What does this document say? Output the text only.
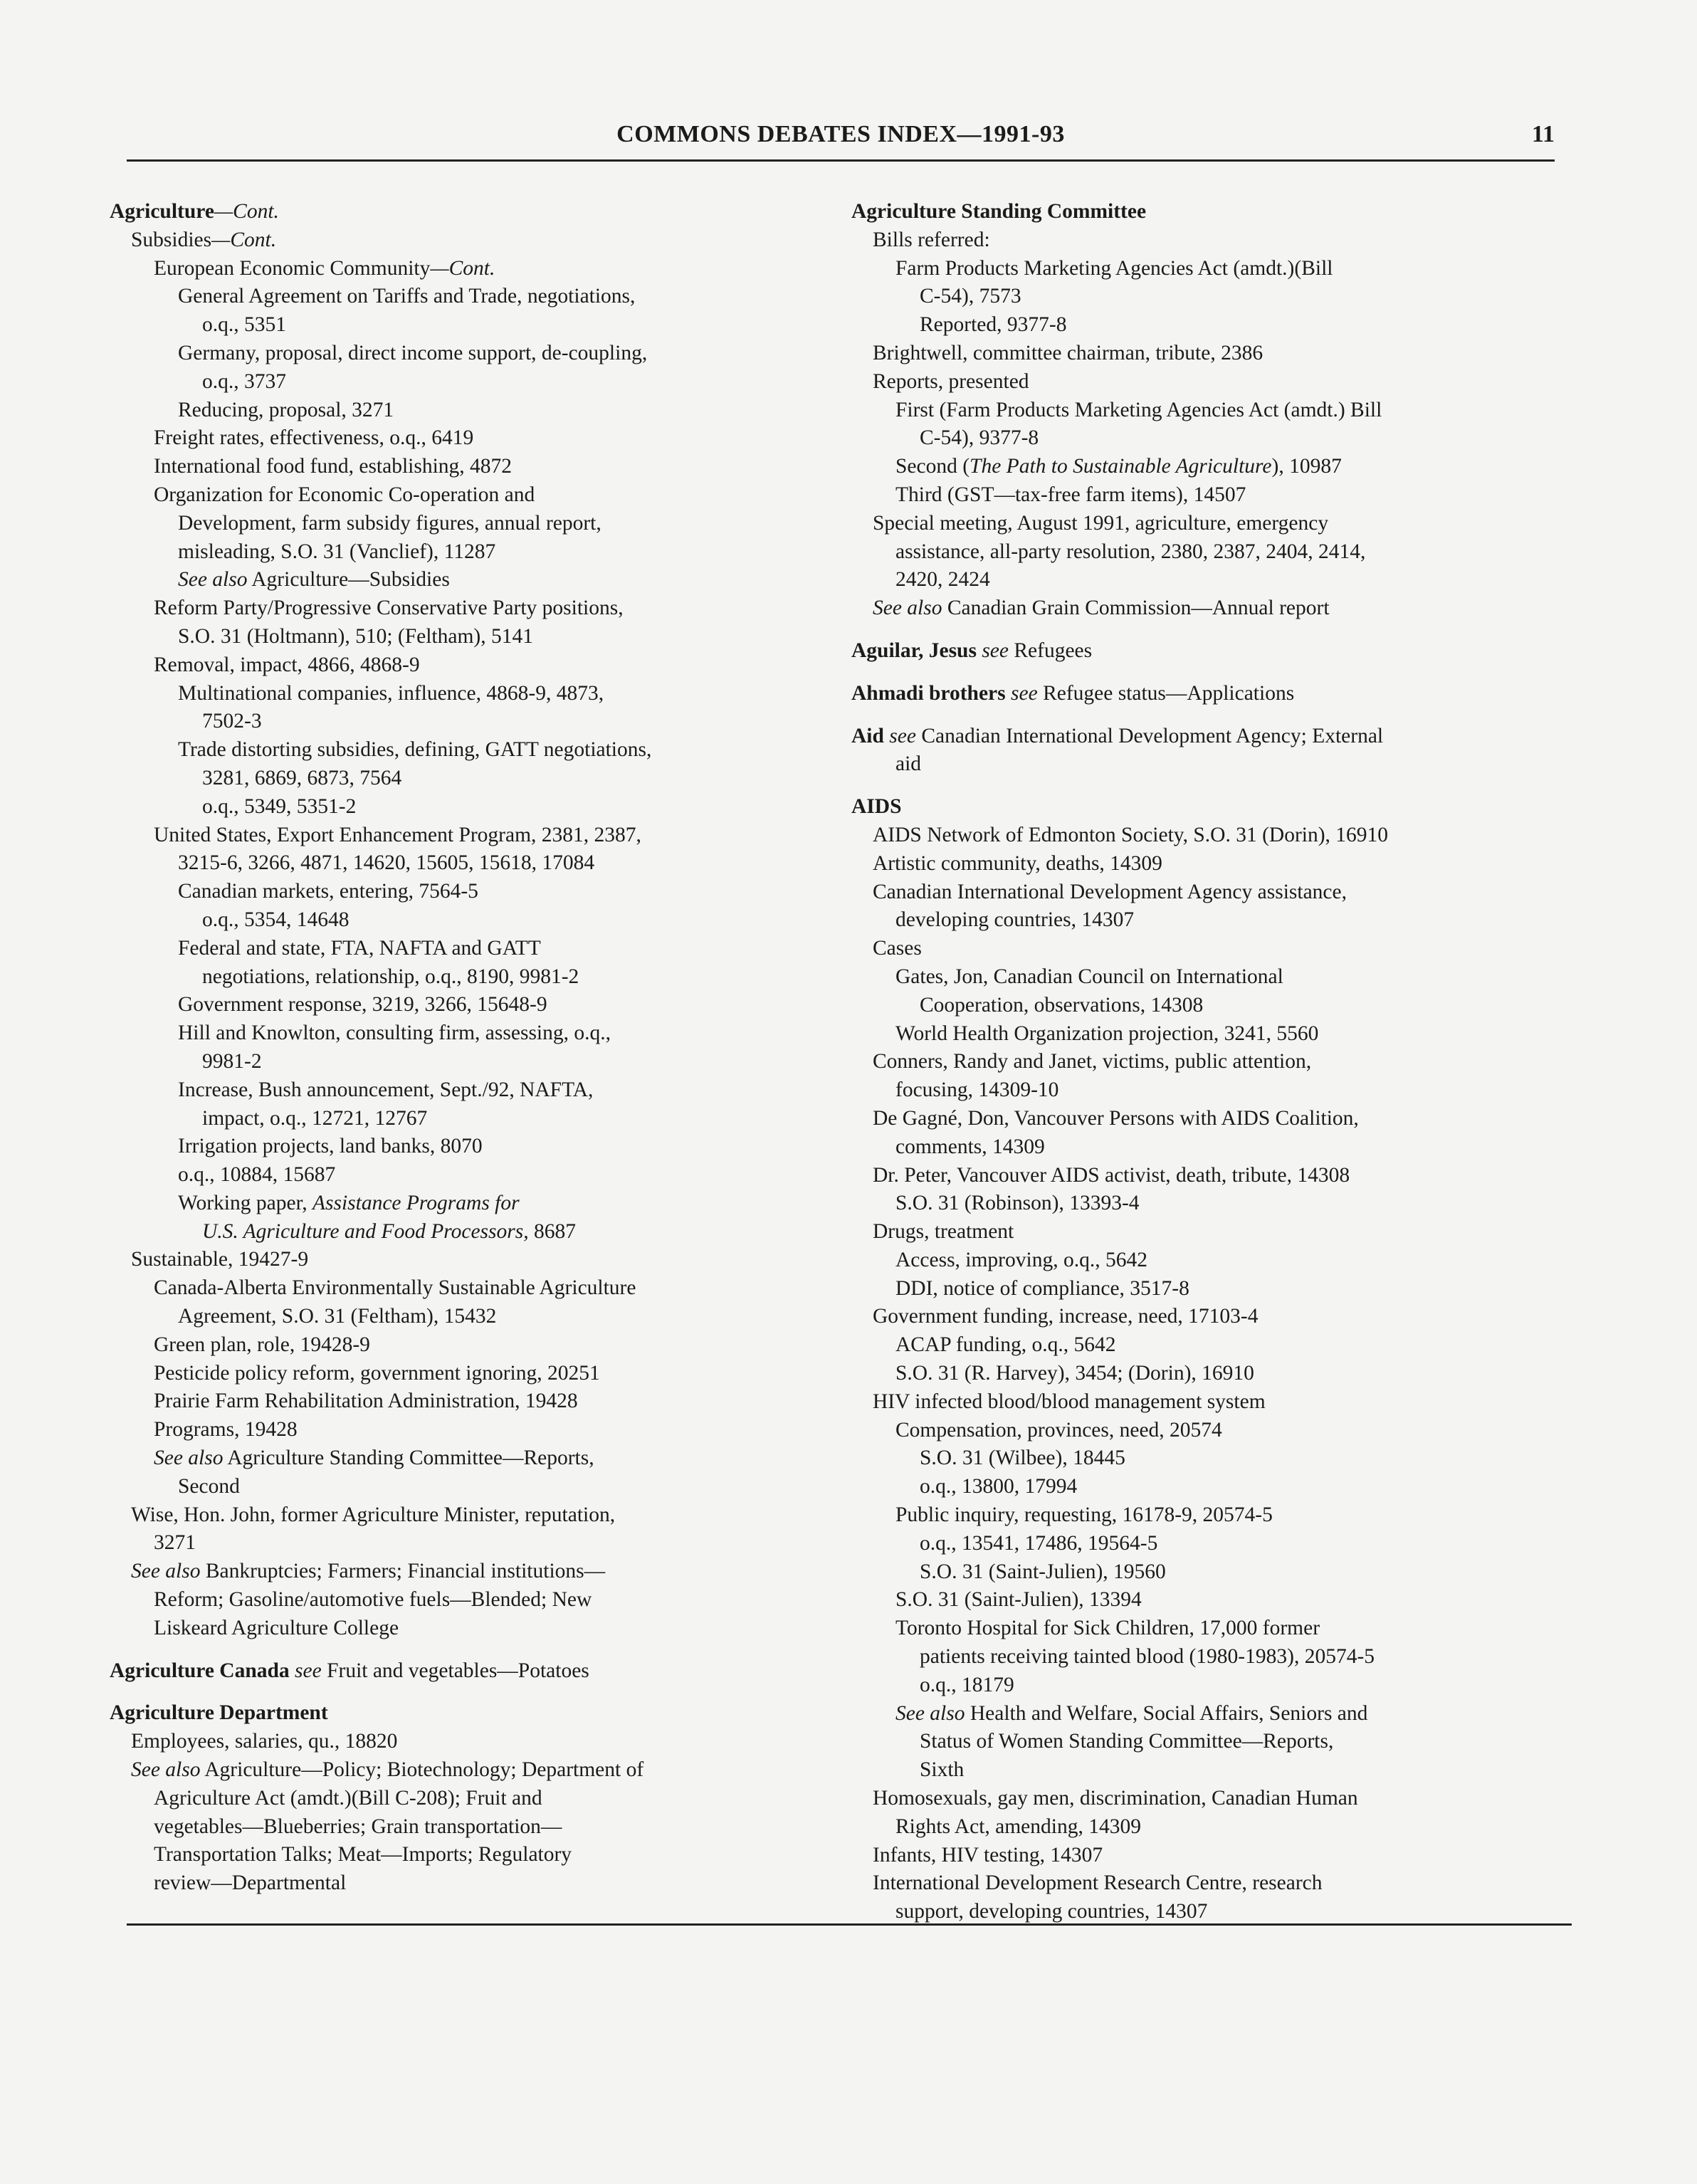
COMMONS DEBATES INDEX—1991-93	11

Agriculture—Cont.

Subsidies—Cont.

European Economic Community—Cont.

General Agreement on Tariffs and Trade, negotiations,

o.q., 5351

Germany, proposal, direct income support, de-coupling,

o.q., 3737

Reducing, proposal, 3271

Freight rates, effectiveness, o.q., 6419

International food fund, establishing, 4872

Organization for Economic Co-operation and

Development, farm subsidy figures, annual report,

misleading, S.O. 31 (Vanclief), 11287

See also Agriculture—Subsidies

Reform Party/Progressive Conservative Party positions,

S.O. 31 (Holtmann), 510; (Feltham), 5141

Removal, impact, 4866, 4868-9

Multinational companies, influence, 4868-9, 4873,

7502-3

Trade distorting subsidies, defining, GATT negotiations,

3281, 6869, 6873, 7564

o.q., 5349, 5351-2

United States, Export Enhancement Program, 2381, 2387,

3215-6, 3266, 4871, 14620, 15605, 15618, 17084

Canadian markets, entering, 7564-5

o.q., 5354, 14648

Federal and state, FTA, NAFTA and GATT

negotiations, relationship, o.q., 8190, 9981-2

Government response, 3219, 3266, 15648-9

Hill and Knowlton, consulting firm, assessing, o.q.,

9981-2

Increase, Bush announcement, Sept./92, NAFTA,

impact, o.q., 12721, 12767

Irrigation projects, land banks, 8070

o.q., 10884, 15687

Working paper, Assistance Programs for

U.S. Agriculture and Food Processors, 8687

Sustainable, 19427-9

Canada-Alberta Environmentally Sustainable Agriculture

Agreement, S.O. 31 (Feltham), 15432

Green plan, role, 19428-9

Pesticide policy reform, government ignoring, 20251

Prairie Farm Rehabilitation Administration, 19428

Programs, 19428

See also Agriculture Standing Committee—Reports,

Second

Wise, Hon. John, former Agriculture Minister, reputation,

3271

See also Bankruptcies; Farmers; Financial institutions—

Reform; Gasoline/automotive fuels—Blended; New

Liskeard Agriculture College

Agriculture Canada see Fruit and vegetables—Potatoes

Agriculture Department

Employees, salaries, qu., 18820

See also Agriculture—Policy; Biotechnology; Department of

Agriculture Act (amdt.)(Bill C-208); Fruit and

vegetables—Blueberries; Grain transportation—

Transportation Talks; Meat—Imports; Regulatory

review—Departmental

Agriculture Standing Committee

Bills referred:

Farm Products Marketing Agencies Act (amdt.)(Bill

C-54), 7573

Reported, 9377-8

Brightwell, committee chairman, tribute, 2386

Reports, presented

First (Farm Products Marketing Agencies Act (amdt.) Bill

C-54), 9377-8

Second (The Path to Sustainable Agriculture), 10987

Third (GST—tax-free farm items), 14507

Special meeting, August 1991, agriculture, emergency

assistance, all-party resolution, 2380, 2387, 2404, 2414,

2420, 2424

See also Canadian Grain Commission—Annual report

Aguilar, Jesus see Refugees

Ahmadi brothers see Refugee status—Applications

Aid see Canadian International Development Agency; External

aid

AIDS

AIDS Network of Edmonton Society, S.O. 31 (Dorin), 16910

Artistic community, deaths, 14309

Canadian International Development Agency assistance,

developing countries, 14307

Cases

Gates, Jon, Canadian Council on International

Cooperation, observations, 14308

World Health Organization projection, 3241, 5560

Conners, Randy and Janet, victims, public attention,

focusing, 14309-10

De Gagné, Don, Vancouver Persons with AIDS Coalition,

comments, 14309

Dr. Peter, Vancouver AIDS activist, death, tribute, 14308

S.O. 31 (Robinson), 13393-4

Drugs, treatment

Access, improving, o.q., 5642

DDI, notice of compliance, 3517-8

Government funding, increase, need, 17103-4

ACAP funding, o.q., 5642

S.O. 31 (R. Harvey), 3454; (Dorin), 16910

HIV infected blood/blood management system

Compensation, provinces, need, 20574

S.O. 31 (Wilbee), 18445

o.q., 13800, 17994

Public inquiry, requesting, 16178-9, 20574-5

o.q., 13541, 17486, 19564-5

S.O. 31 (Saint-Julien), 19560

S.O. 31 (Saint-Julien), 13394

Toronto Hospital for Sick Children, 17,000 former

patients receiving tainted blood (1980-1983), 20574-5

o.q., 18179

See also Health and Welfare, Social Affairs, Seniors and

Status of Women Standing Committee—Reports,

Sixth

Homosexuals, gay men, discrimination, Canadian Human

Rights Act, amending, 14309

Infants, HIV testing, 14307

International Development Research Centre, research

support, developing countries, 14307
